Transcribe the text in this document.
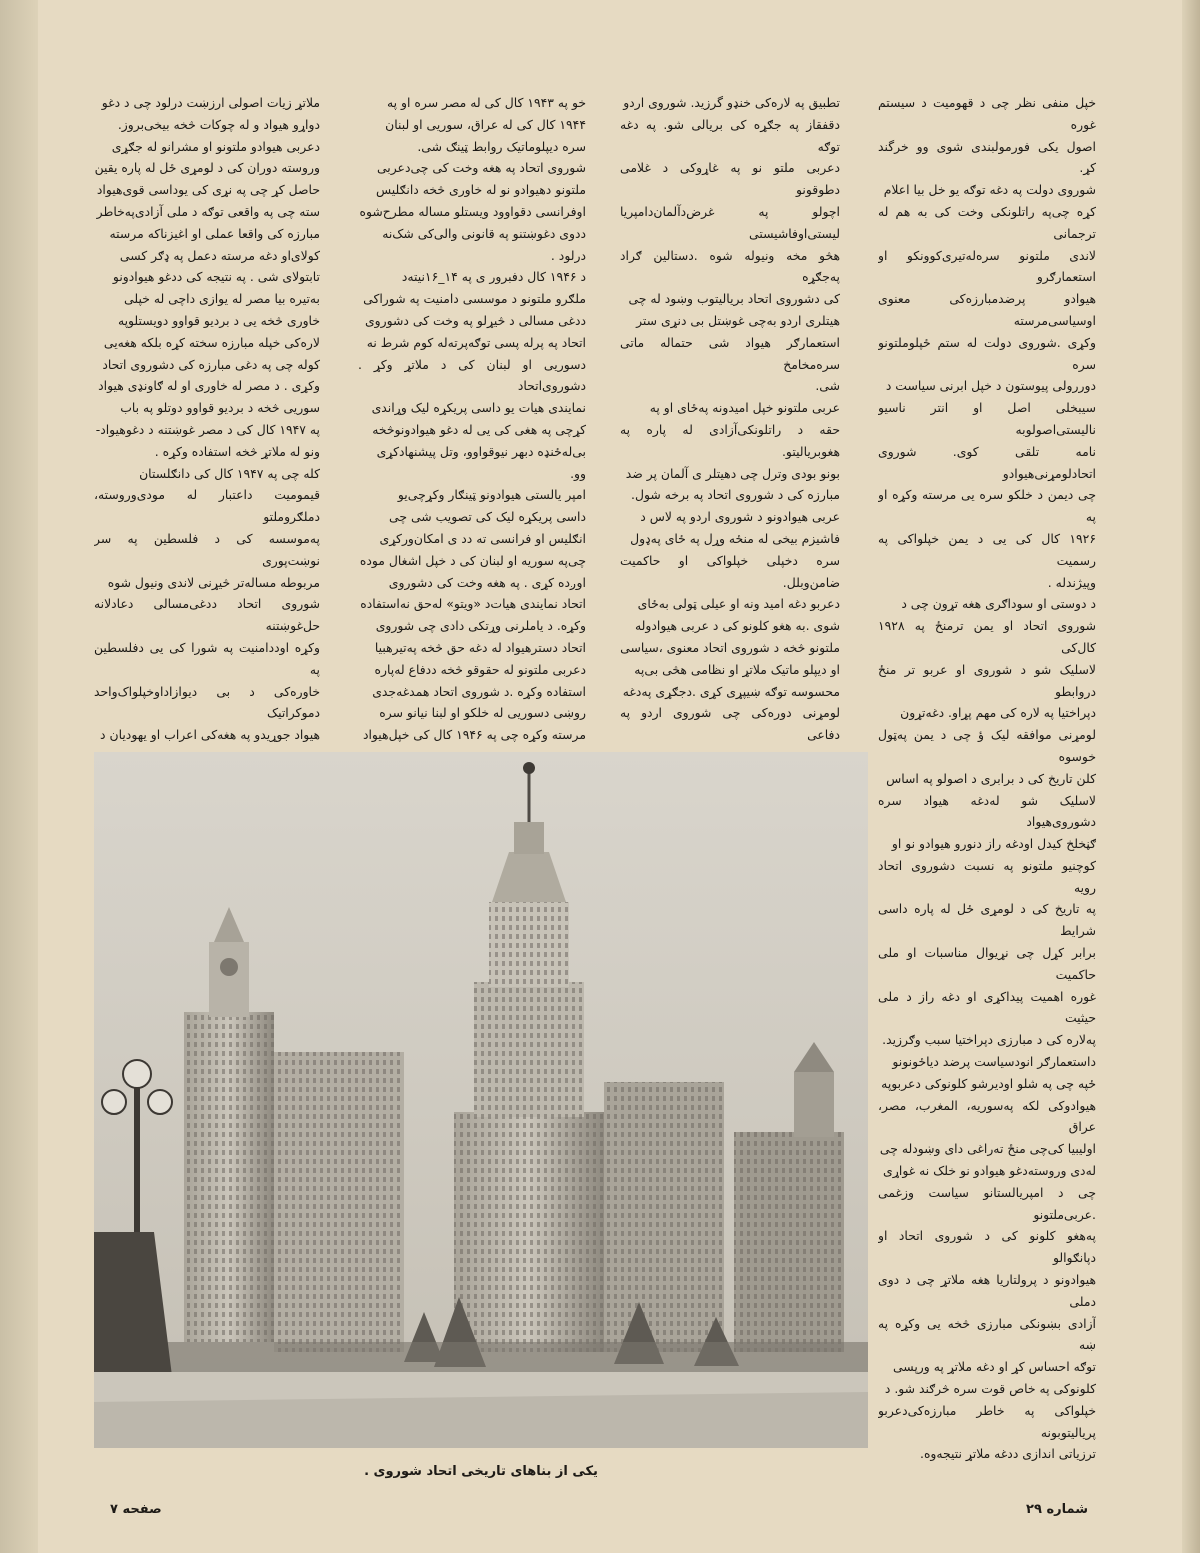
خپل منفی نظر چی د قهومیت د سیستم غوره

اصول یکی فورمولبندی شوی وو خرگند کړ.

شوروی دولت په دغه توګه یو خل بیا اعلام

کړه چی‌په راتلونکی وخت کی به هم له ترجمانی

لاندی ملتونو سره‌له‌تیری‌کوونکو او استعمارګرو

هیوادو پرضدمبارزه‌کی معنوی اوسیاسی‌مرسته

وکړی .شوروی دولت له ستم ځپلوملتونو سره

دوررولی پیوستون د خپل ابرنی سیاست د

سیبخلی اصل او انتر ناسیو نالیستی‌اصولو‌به

نامه تلقی کوی. شوروی اتحادلومړنی‌هیوادو

چی دیمن د خلکو سره یی مرسته وکړه او په

۱۹۲۶ کال کی یی د یمن خپلواکی په رسمیت

وپیژندله .

د دوستی او سوداګری هغه تړون چی د

شوروی اتحاد او یمن ترمنځ په ۱۹۲۸ کال‌کی

لاسلیک شو د شوروی او عربو تر منځ دروابطو

دپراختیا په لاره کی مهم پړاو. دغه‌تړون

لومړنی موافقه لیک ؤ چی د یمن په‌ټول خوسوه

کلن تاریخ کی د برابری د اصولو په اساس

لاسلیک شو له‌دغه هیواد سره د‌شوروی‌هیواد

ګڼخلخ کیدل اودغه راز دنورو هیوادو نو او

کوچنیو ملتونو په نسبت دشوروی اتحاد رویه

په تاریخ کی د لومړی ځل له پاره داسی شرایط

برابر کړل چی نړیوال مناسبات او ملی حاکمیت

غوره اهمیت پیداکړی او دغه راز د ملی حیثیت

په‌لاره کی د مبارزی دپراختیا سبب وګرزید.

داستعمارګر انودسیاست پرضد دیاځونونو

ځپه چی په شلو اودیرشو کلونوکی دعربو‌په

هیوادوکی لکه په‌سوریه، المغرب، مصر، عراق

اولیبیا کی‌چی منځ ته‌راغی دای وښودله چی

له‌دی وروسته‌دغو هیوادو نو خلک نه غواړی

چی د امپریالستانو سیاست وزغمی .عربی‌ملتونو

په‌هغو کلونو کی د شوروی اتحاد او دپانګوالو

هیوادونو د پرولتاریا هغه ملاتړ چی د دوی دملی

آزادی بښونکی مبارزی څخه یی وکړه په ښه

توګه احساس کړ او دغه ملاتړ په ورپسی

کلونوکی په خاص قوت سره څرګند شو. د

خپلواکی په خاطر مبارزه‌کی‌دعربو پریالیتوبونه

ترزیاتی اندازی ددغه ملاتړ نتیجه‌وه.

تطبیق په لاره‌کی خنډو گرزید. شوروی اردو

دقفقاز په جګړه کی بریالی شو. په دغه توګه

دعربی ملتو نو په غاړوکی د غلامی دطوقونو

اچولو په غرض‌دآلمان‌دامپریا لیستی‌اوفاشیستی

هڅو مخه ونیوله شوه .دستالین ګراد په‌جګړه

کی دشوروی اتحاد بریالیتوب وښود له چی

هیتلری اردو به‌چی غوښتل بی دنړی ستر

استعمارګر هیواد شی حتماله ماتی سره‌مخامخ

شی.

عربی ملتونو خپل امیدونه په‌ځای او په

حقه د راتلونکی‌آزادی له پاره په هغوبریالیتو.

بونو بودی وترل چی دهیتلر ی آلمان پر ضد

مبارزه کی د شوروی اتحاد په برخه شول.

عربی هیوادونو د شوروی اردو په لاس د

فاشیزم بیخی له منځه وړل په ځای په‌ډول

سره دخپلی خپلواکی او حاکمیت ضامن‌وبلل.

دعربو دغه امید ونه او عیلی ټولی به‌ځای

شوی .به هغو کلونو کی د عربی هیوادوله

ملتونو څخه د شوروی اتحاد معنوی ،سیاسی

او دیپلو ماتیک ملاتړ او نظامی هڅی بی‌په

محسوسه توګه ښیپړی کړی .دجګړی په‌دغه

لومړنی دوره‌کی چی شوروی اردو په دفاعی

خو په ۱۹۴۳ کال کی له مصر سره او په

۱۹۴۴ کال کی له عراق، سوریی او لبنان

سره دیپلوماتیک روابط ټینګ شی.

شوروی اتحاد په هغه وخت کی چی‌دعربی

ملتونو دهیوادو نو له خاوری څخه دانګلیس

اوفرانسی دقواوود ویستلو مساله مطرح‌شوه

ددوی دغوښتنو په قانونی والی‌کی شک‌نه

درلود .

د ۱۹۴۶ کال دفبرور ی په ۱۴_۱۶نیته‌د

ملګرو ملتونو د موسسی دامنیت په شوراکی

ددغی مسالی د څیړلو په وخت کی دشوروی

اتحاد په پرله پسی توګه‌پرته‌له کوم شرط نه

دسوریی او لبنان کی د ملاتړ وکړ . دشوروی‌اتحاد

نمایندی هیات یو داسی پریکړه لیک وړاندی

کړچی په هغی کی یی له دغو هیوادونوڅخه

بی‌له‌ځنډه دبهر نیوقواوو، وتل پیشنهادکړی

وو.

امپر یالستی هیوادونو ټینګار وکړچی‌یو

داسی پریکړه لیک کی تصویب شی چی

انګلیس او فرانسی ته دد ی امکان‌ورکړی

چی‌په سوریه او لبنان کی د خپل اشغال موده

اوږده کړی . په هغه وخت کی دشوروی

اتحاد نمایندی هیات‌د «ویتو» له‌حق نه‌استفاده

وکړه. د یاملرنی وړتکی دادی چی شوروی

اتحاد دسترهیواد له دغه حق څخه په‌تیرهبیا

دعربی ملتونو له حقوقو څخه ددفاع له‌پاره

استفاده وکړه .د شوروی اتحاد همدغه‌جدی

روښی دسوریی له خلکو او لبنا نیانو سره

مرسته وکړه چی په ۱۹۴۶ کال کی خپل‌هیواد

ملاتړ زیات اصولی ارزښت درلود چی د دغو

دواړو هیواد و له چوکات څخه بیخی‌بروز.

دعربی هیوادو ملتونو او مشرانو له جګړی

وروسته دوران کی د لومړی ځل له پاره یقین

حاصل کړ چی په نړی کی یوداسی قوی‌هیواد

سته چی په واقعی توګه د ملی آزادی‌په‌خاطر

مبارزه کی واقعا عملی او اغیزناکه مرسته

کولای‌او دغه مرسته دعمل په ډګر کسی

تابتولای شی . په نتیجه کی ددغو هیوادونو

به‌تیره بیا مصر له یوازی داچی له خپلی

خاوری څخه یی د بردیو قواوو دویستلو‌په

لاره‌کی خپله مبارزه سخته کړه بلکه هغه‌یی

کوله چی په دغی مبارزه کی دشوروی اتحاد

وکړی . د مصر له خاوری او له ګاونډی هیواد

سوریی څخه د بردیو قواوو دوتلو په باب

په ۱۹۴۷ کال کی د مصر غوښتنه د دغوهیواد-

ونو له ملاتړ څخه استفاده وکړه .

کله چی په ۱۹۴۷ کال کی دانګلستان

قیمومیت داعتبار له مودی‌وروسته، دملګروملتو

په‌موسسه کی د فلسطین په سر نوښت‌پوری

مربوطه مساله‌تر څیړنی لاندی ونیول شوه

شوروی اتحاد ددغی‌مسالی دعادلانه حل‌غوښتنه

وکړه اوددامنیت په شورا کی یی دفلسطین په

خاوره‌کی د بی دیوازاداوخپلواک‌واحد دموکراتیک

هیواد جوړیدو په هغه‌کی اعراب او یهودیان د

یکی از بناهای تاریخی اتحاد شوروی .
صفحه ۷	شماره ۲۹
